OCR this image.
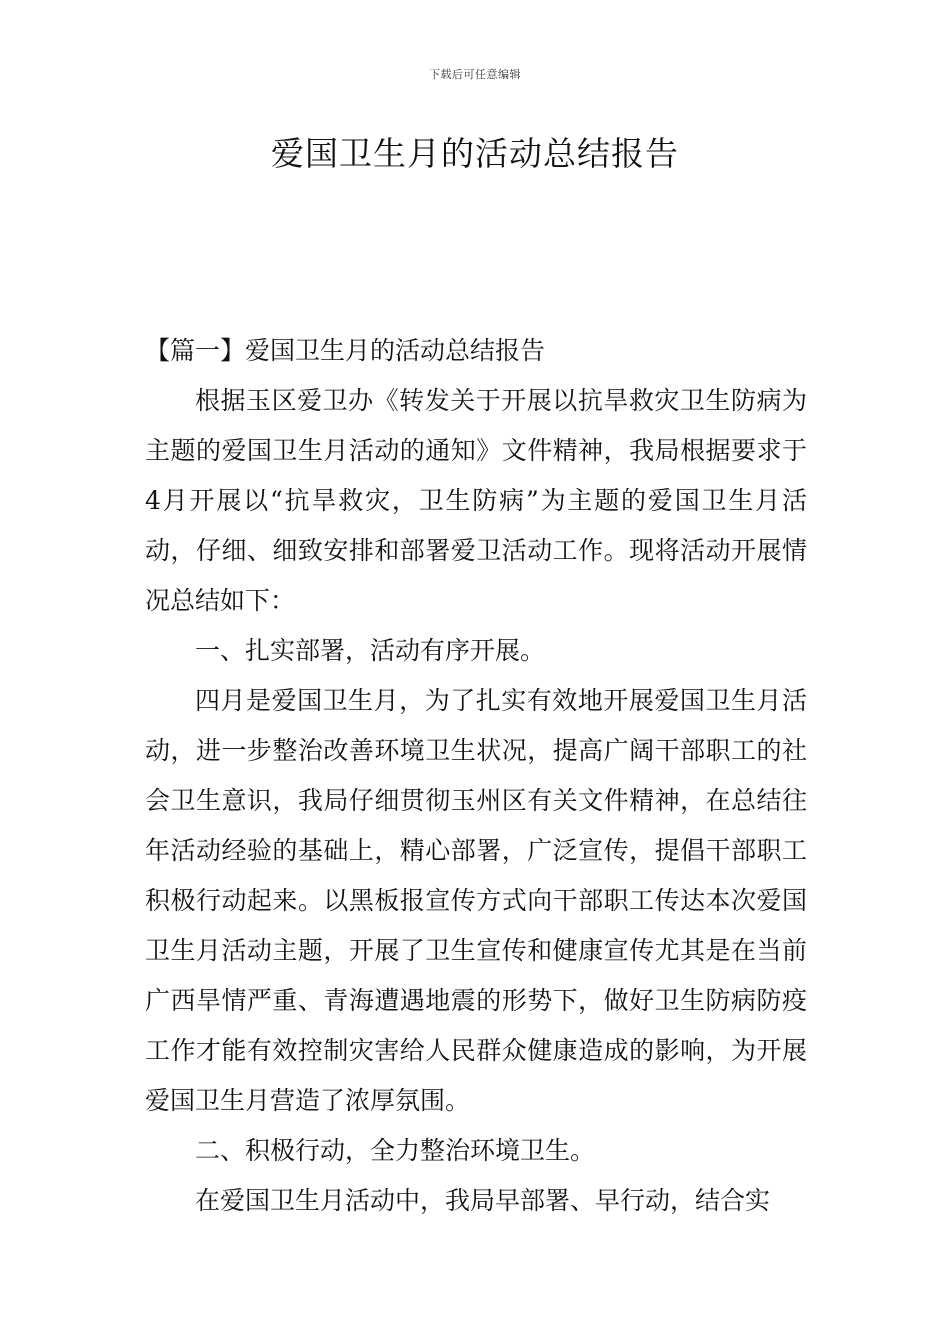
下载后可任意编辑
爱国卫生月的活动总结报告

【篇一】爱国卫生月的活动总结报告

根据玉区爱卫办《转发关于开展以抗旱救灾卫生防病为主题的爱国卫生月活动的通知》文件精神，我局根据要求于4月开展以“抗旱救灾，卫生防病”为主题的爱国卫生月活动，仔细、细致安排和部署爱卫活动工作。现将活动开展情况总结如下：

一、扎实部署，活动有序开展。

四月是爱国卫生月，为了扎实有效地开展爱国卫生月活动，进一步整治改善环境卫生状况，提高广阔干部职工的社会卫生意识，我局仔细贯彻玉州区有关文件精神，在总结往年活动经验的基础上，精心部署，广泛宣传，提倡干部职工积极行动起来。以黑板报宣传方式向干部职工传达本次爱国卫生月活动主题，开展了卫生宣传和健康宣传尤其是在当前广西旱情严重、青海遭遇地震的形势下，做好卫生防病防疫工作才能有效控制灾害给人民群众健康造成的影响，为开展爱国卫生月营造了浓厚氛围。

二、积极行动，全力整治环境卫生。

在爱国卫生月活动中，我局早部署、早行动，结合实
